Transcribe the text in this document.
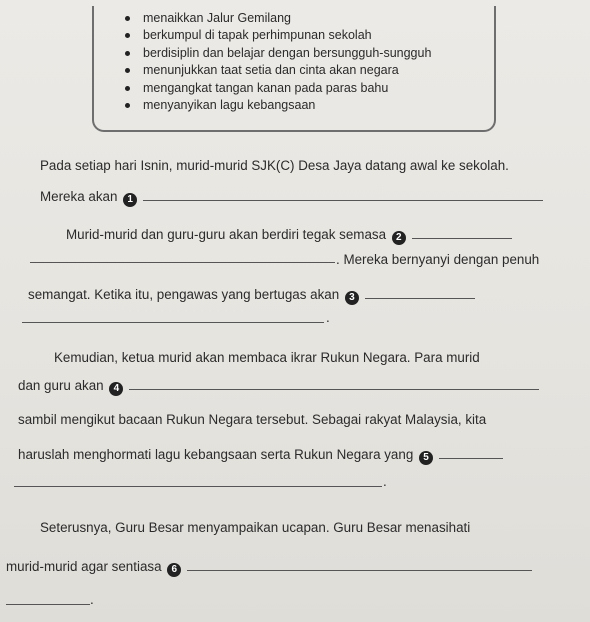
menaikkan Jalur Gemilang
berkumpul di tapak perhimpunan sekolah
berdisiplin dan belajar dengan bersungguh-sungguh
menunjukkan taat setia dan cinta akan negara
mengangkat tangan kanan pada paras bahu
menyanyikan lagu kebangsaan
Pada setiap hari Isnin, murid-murid SJK(C) Desa Jaya datang awal ke sekolah.
Mereka akan 1
Murid-murid dan guru-guru akan berdiri tegak semasa 2
. Mereka bernyanyi dengan penuh
semangat. Ketika itu, pengawas yang bertugas akan 3
.
Kemudian, ketua murid akan membaca ikrar Rukun Negara. Para murid
dan guru akan 4
sambil mengikut bacaan Rukun Negara tersebut. Sebagai rakyat Malaysia, kita
haruslah menghormati lagu kebangsaan serta Rukun Negara yang 5
.
Seterusnya, Guru Besar menyampaikan ucapan. Guru Besar menasihati
murid-murid agar sentiasa 6
.
